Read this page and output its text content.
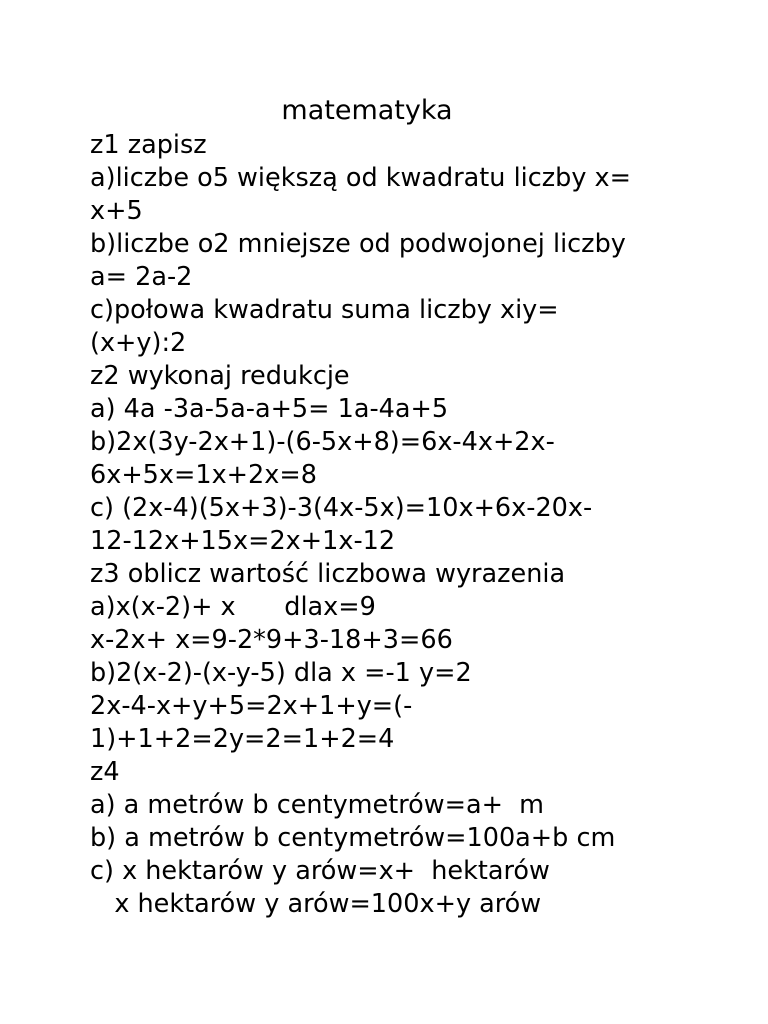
matematyka
z1 zapisz
a)liczbe o5 większą od kwadratu liczby x=
x+5
b)liczbe o2 mniejsze od podwojonej liczby
a= 2a-2
c)połowa kwadratu suma liczby xiy=
(x+y):2
z2 wykonaj redukcje
a) 4a -3a-5a-a+5= 1a-4a+5
b)2x(3y-2x+1)-(6-5x+8)=6x-4x+2x-
6x+5x=1x+2x=8
c) (2x-4)(5x+3)-3(4x-5x)=10x+6x-20x-
12-12x+15x=2x+1x-12
z3 oblicz wartość liczbowa wyrazenia
a)x(x-2)+ x      dlax=9
x-2x+ x=9-2*9+3-18+3=66
b)2(x-2)-(x-y-5) dla x =-1 y=2
2x-4-x+y+5=2x+1+y=(-
1)+1+2=2y=2=1+2=4
z4
a) a metrów b centymetrów=a+  m
b) a metrów b centymetrów=100a+b cm
c) x hektarów y arów=x+  hektarów
x hektarów y arów=100x+y arów
